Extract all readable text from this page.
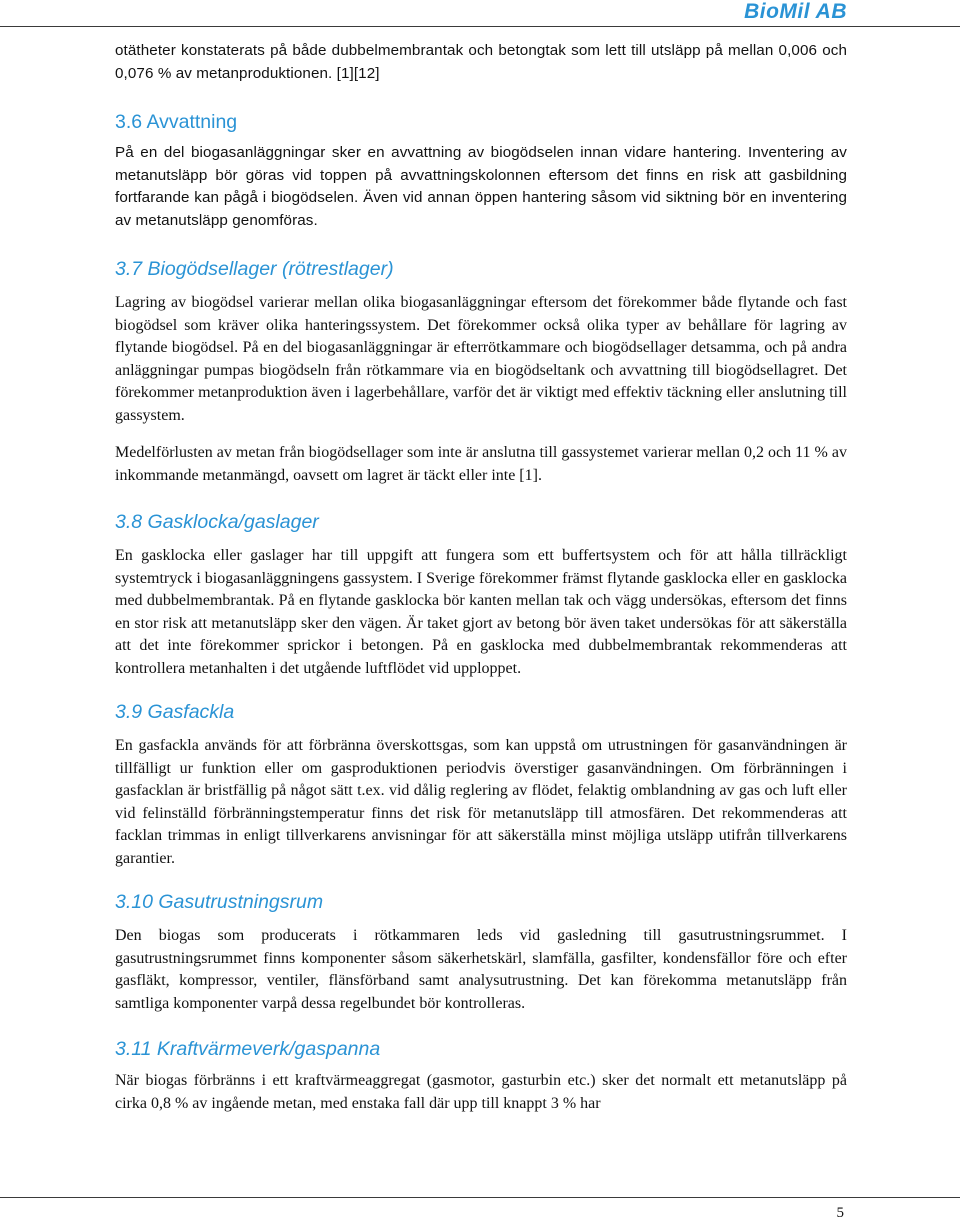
BioMil AB

otätheter konstaterats på både dubbelmembrantak och betongtak som lett till utsläpp på mellan 0,006 och 0,076 % av metanproduktionen. [1][12]

3.6 Avvattning

På en del biogasanläggningar sker en avvattning av biogödselen innan vidare hantering. Inventering av metanutsläpp bör göras vid toppen på avvattningskolonnen eftersom det finns en risk att gasbildning fortfarande kan pågå i biogödselen. Även vid annan öppen hantering såsom vid siktning bör en inventering av metanutsläpp genomföras.

3.7 Biogödsellager (rötrestlager)

Lagring av biogödsel varierar mellan olika biogasanläggningar eftersom det förekommer både flytande och fast biogödsel som kräver olika hanteringssystem. Det förekommer också olika typer av behållare för lagring av flytande biogödsel. På en del biogasanläggningar är efterrötkammare och biogödsellager detsamma, och på andra anläggningar pumpas biogödseln från rötkammare via en biogödseltank och avvattning till biogödsellagret. Det förekommer metanproduktion även i lagerbehållare, varför det är viktigt med effektiv täckning eller anslutning till gassystem.

Medelförlusten av metan från biogödsellager som inte är anslutna till gassystemet varierar mellan 0,2 och 11 % av inkommande metanmängd, oavsett om lagret är täckt eller inte [1].

3.8 Gasklocka/gaslager

En gasklocka eller gaslager har till uppgift att fungera som ett buffertsystem och för att hålla tillräckligt systemtryck i biogasanläggningens gassystem. I Sverige förekommer främst flytande gasklocka eller en gasklocka med dubbelmembrantak. På en flytande gasklocka bör kanten mellan tak och vägg undersökas, eftersom det finns en stor risk att metanutsläpp sker den vägen. Är taket gjort av betong bör även taket undersökas för att säkerställa att det inte förekommer sprickor i betongen. På en gasklocka med dubbelmembrantak rekommenderas att kontrollera metanhalten i det utgående luftflödet vid upploppet.

3.9 Gasfackla

En gasfackla används för att förbränna överskottsgas, som kan uppstå om utrustningen för gasanvändningen är tillfälligt ur funktion eller om gasproduktionen periodvis överstiger gasanvändningen. Om förbränningen i gasfacklan är bristfällig på något sätt t.ex. vid dålig reglering av flödet, felaktig omblandning av gas och luft eller vid felinställd förbränningstemperatur finns det risk för metanutsläpp till atmosfären. Det rekommenderas att facklan trimmas in enligt tillverkarens anvisningar för att säkerställa minst möjliga utsläpp utifrån tillverkarens garantier.

3.10 Gasutrustningsrum

Den biogas som producerats i rötkammaren leds vid gasledning till gasutrustningsrummet. I gasutrustningsrummet finns komponenter såsom säkerhetskärl, slamfälla, gasfilter, kondensfällor före och efter gasfläkt, kompressor, ventiler, flänsförband samt analysutrustning. Det kan förekomma metanutsläpp från samtliga komponenter varpå dessa regelbundet bör kontrolleras.

3.11 Kraftvärmeverk/gaspanna

När biogas förbränns i ett kraftvärmeaggregat (gasmotor, gasturbin etc.) sker det normalt ett metanutsläpp på cirka 0,8 % av ingående metan, med enstaka fall där upp till knappt 3 % har

5
